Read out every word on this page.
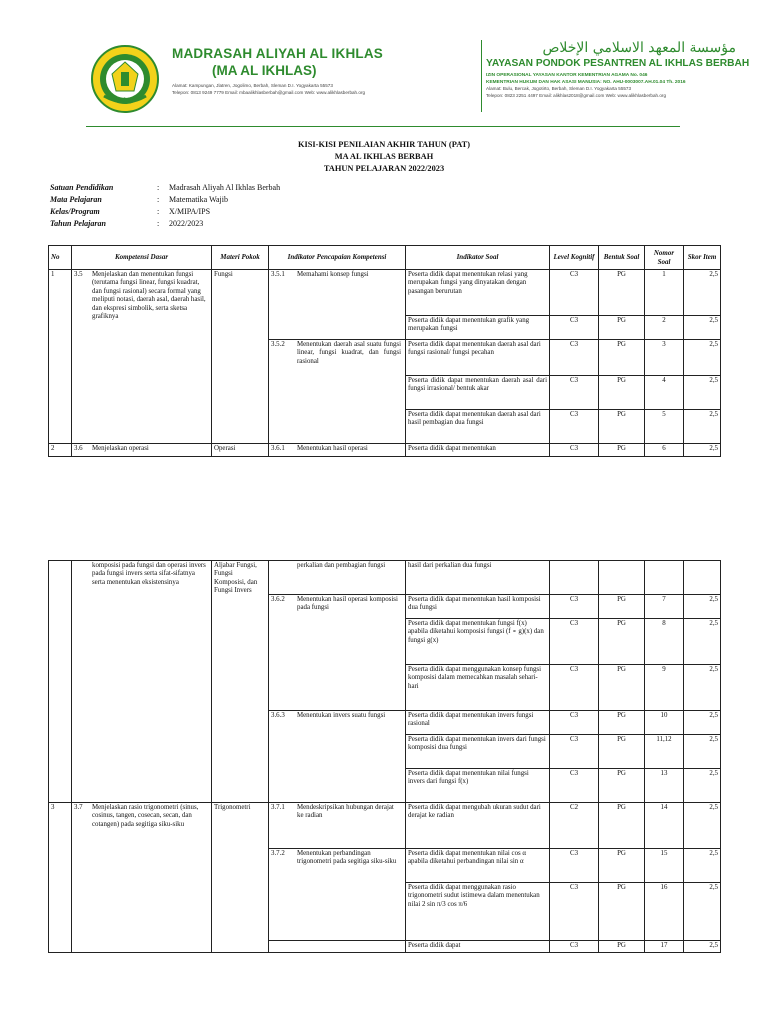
MAAI
MADRASAH ALIYAH AL IKHLAS
(MA AL IKHLAS)
Alamat: Kampungan, Jlatren, Jogolimo, Berbah, Sleman D.I. Yogyakarta 55573
Telepon: 0813 9249 7779 Email: mbaalikhlasberbah@gmail.com Web: www.alikhlasberbah.org
مؤسسة المعهد الاسلامي الإخلاص
YAYASAN PONDOK PESANTREN AL IKHLAS BERBAH
IZIN OPERASIONAL YAYASAN KANTOR KEMENTRIAN AGAMA No. 046
KEMENTRIAN HUKUM DAN HAK ASASI MANUSIA: NO. AHU-0003007.AH.01.04 Th. 2016
Alamat: Bulu, Bercak, Jogotirto, Berbah, Sleman D.I. Yogyakarta 55573
Telepon: 0823 2251 4497 Email: alikhlas2018@gmail.com Web: www.alikhlasberbah.org
KISI-KISI PENILAIAN AKHIR TAHUN (PAT)
MA AL IKHLAS BERBAH
TAHUN PELAJARAN 2022/2023
Satuan Pendidikan	: Madrasah Aliyah Al Ikhlas Berbah
Mata Pelajaran	: Matematika Wajib
Kelas/Program	: X/MIPA/IPS
Tahun Pelajaran	: 2022/2023
No	Kompetensi Dasar	Materi Pokok	Indikator Pencapaian Kompetensi	Indikator Soal	Level Kognitif	Bentuk Soal	Nomor Soal	Skor Item
1	3.5 Menjelaskan dan menentukan fungsi (terutama fungsi linear, fungsi kuadrat, dan fungsi rasional) secara formal yang meliputi notasi, daerah asal, daerah hasil, dan ekspresi simbolik, serta sketsa grafiknya	Fungsi	3.5.1 Memahami konsep fungsi	Peserta didik dapat menentukan relasi yang merupakan fungsi yang dinyatakan dengan pasangan berurutan	C3	PG	1	2,5
				Peserta didik dapat menentukan grafik yang merupakan fungsi	C3	PG	2	2,5
			3.5.2 Menentukan daerah asal suatu fungsi linear, fungsi kuadrat, dan fungsi rasional	Peserta didik dapat menentukan daerah asal dari fungsi rasional/ fungsi pecahan	C3	PG	3	2,5
				Peserta didik dapat menentukan daerah asal dari fungsi irrasional/ bentuk akar	C3	PG	4	2,5
				Peserta didik dapat menentukan daerah asal dari hasil pembagian dua fungsi	C3	PG	5	2,5
2	3.6 Menjelaskan operasi	Operasi	3.6.1 Menentukan hasil operasi	Peserta didik dapat menentukan	C3	PG	6	2,5
	komposisi pada fungsi dan operasi invers pada fungsi invers serta sifat-sifatnya serta menentukan eksistensinya	Aljabar Fungsi, Fungsi Komposisi, dan Fungsi Invers	perkalian dan pembagian fungsi	hasil dari perkalian dua fungsi				
			3.6.2 Menentukan hasil operasi komposisi pada fungsi	Peserta didik dapat menentukan hasil komposisi dua fungsi	C3	PG	7	2,5
				Peserta didik dapat menentukan fungsi f(x) apabila diketahui komposisi fungsi (f ∘ g)(x) dan fungsi g(x)	C3	PG	8	2,5
				Peserta didik dapat menggunakan konsep fungsi komposisi dalam memecahkan masalah sehari-hari	C3	PG	9	2,5
			3.6.3 Menentukan invers suatu fungsi	Peserta didik dapat menentukan invers fungsi rasional	C3	PG	10	2,5
				Peserta didik dapat menentukan invers dari fungsi komposisi dua fungsi	C3	PG	11,12	2,5
				Peserta didik dapat menentukan nilai fungsi invers dari fungsi f(x)	C3	PG	13	2,5
3	3.7 Menjelaskan rasio trigonometri (sinus, cosinus, tangen, cosecan, secan, dan cotangen) pada segitiga siku-siku	Trigonometri	3.7.1 Mendeskripsikan hubungan derajat ke radian	Peserta didik dapat mengubah ukuran sudut dari derajat ke radian	C2	PG	14	2,5
			3.7.2 Menentukan perbandingan trigonometri pada segitiga siku-siku	Peserta didik dapat menentukan nilai cos α apabila diketahui perbandingan nilai sin α	C3	PG	15	2,5
				Peserta didik dapat menggunakan rasio trigonometri sudut istimewa dalam menentukan nilai 2 sin π/3 cos π/6	C3	PG	16	2,5
				Peserta didik dapat	C3	PG	17	2,5
